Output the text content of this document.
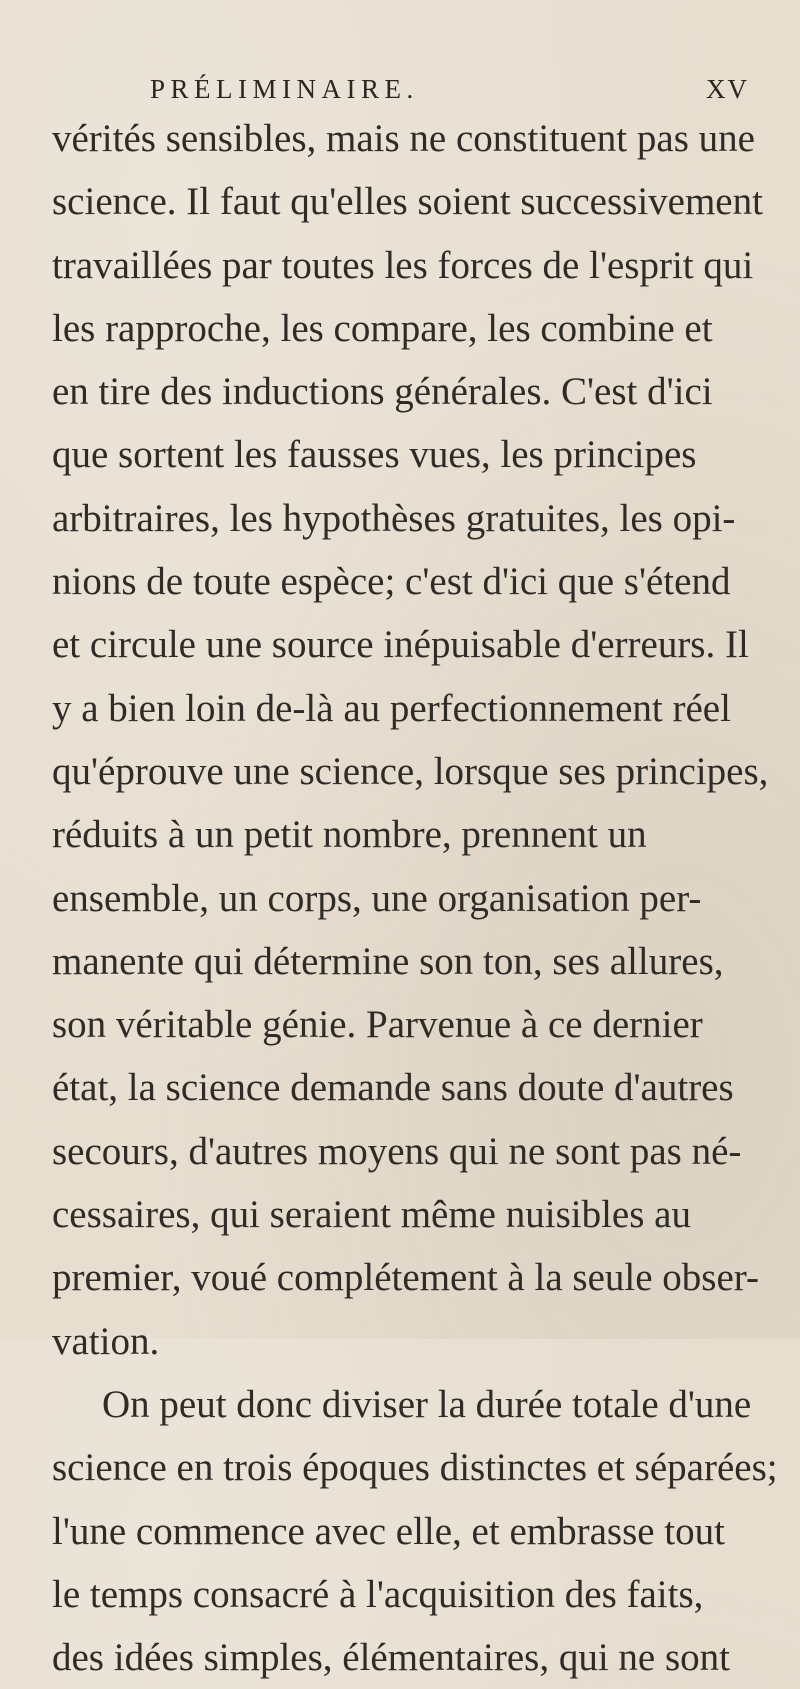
PRÉLIMINAIRE.	XV
vérités sensibles, mais ne constituent pas une
science. Il faut qu'elles soient successivement
travaillées par toutes les forces de l'esprit qui
les rapproche, les compare, les combine et
en tire des inductions générales. C'est d'ici
que sortent les fausses vues, les principes
arbitraires, les hypothèses gratuites, les opi-
nions de toute espèce; c'est d'ici que s'étend
et circule une source inépuisable d'erreurs. Il
y a bien loin de-là au perfectionnement réel
qu'éprouve une science, lorsque ses principes,
réduits à un petit nombre, prennent un
ensemble, un corps, une organisation per-
manente qui détermine son ton, ses allures,
son véritable génie. Parvenue à ce dernier
état, la science demande sans doute d'autres
secours, d'autres moyens qui ne sont pas né-
cessaires, qui seraient même nuisibles au
premier, voué complétement à la seule obser-
vation.
On peut donc diviser la durée totale d'une
science en trois époques distinctes et séparées;
l'une commence avec elle, et embrasse tout
le temps consacré à l'acquisition des faits,
des idées simples, élémentaires, qui ne sont
